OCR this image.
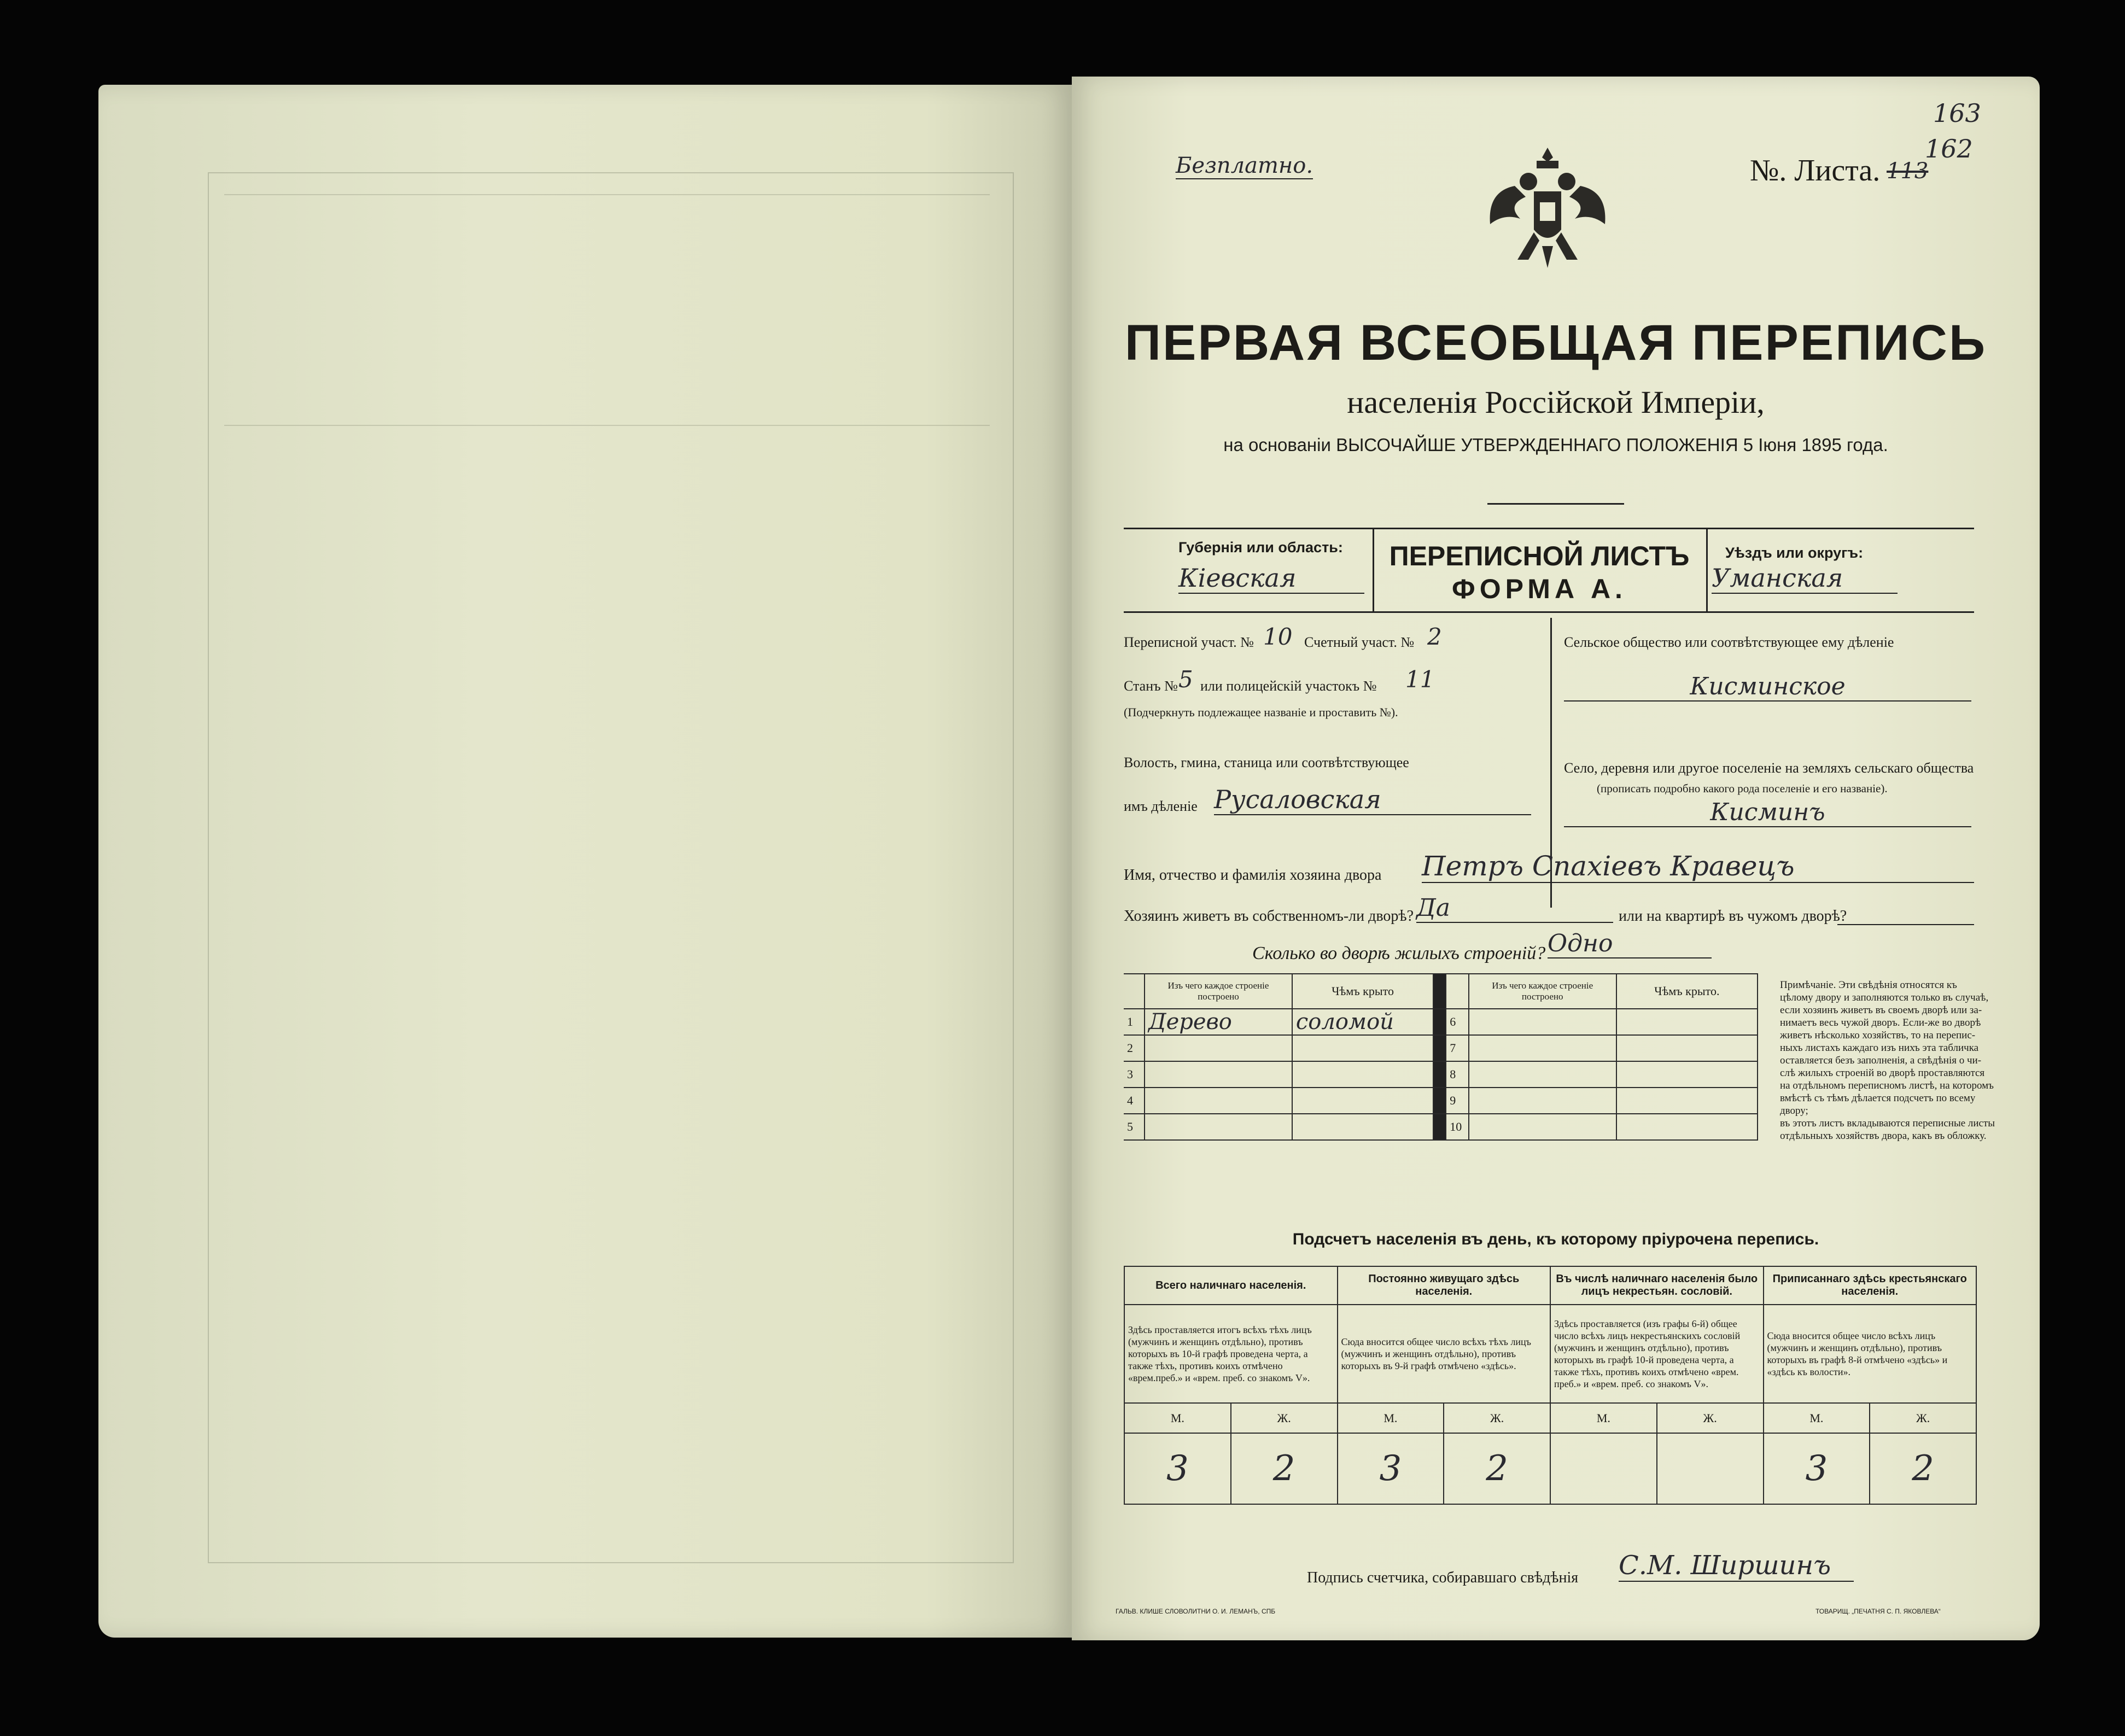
Безплатно.	№. Листа. 113
162
163
ПЕРВАЯ ВСЕОБЩАЯ ПЕРЕПИСЬ
населенія Россійской Имперіи,
на основаніи ВЫСОЧАЙШЕ УТВЕРЖДЕННАГО ПОЛОЖЕНІЯ 5 Іюня 1895 года.
Губернія или область:
Кіевская
ПЕРЕПИСНОЙ ЛИСТЪ
ФОРМА А.
Уѣздъ или округъ:
Уманская
Переписной участ. № 10 Счетный участ. № 2
Станъ № 5 или полицейскій участокъ № 11
(Подчеркнуть подлежащее названіе и проставить №).
Волость, гмина, станица или соотвѣтствующее
имъ дѣленіе Русаловская
Сельское общество или соотвѣтствующее ему дѣленіе
Кисминское
Село, деревня или другое поселеніе на земляхъ сельскаго общества
(прописать подробно какого рода поселеніе и его названіе).
Кисминъ
Имя, отчество и фамилія хозяина двора Петръ Спахіевъ Кравецъ
Хозяинъ живетъ въ собственномъ-ли дворѣ? Да	или на квартирѣ въ чужомъ дворѣ?
Сколько во дворѣ жилыхъ строеній? Одно
	Изъ чего каждое строеніе построено	Чѣмъ крыто			Изъ чего каждое строеніе построено	Чѣмъ крыто.
1	Дерево	соломой		6		
2				7		
3				8		
4				9		
5				10		
Примѣчаніе. Эти свѣдѣнія относятся къ
цѣлому двору и заполняются только въ случаѣ,
если хозяинъ живетъ въ своемъ дворѣ или за-
нимаетъ весь чужой дворъ. Если-же во дворѣ
живетъ нѣсколько хозяйствъ, то на перепис-
ныхъ листахъ каждаго изъ нихъ эта табличка
оставляется безъ заполненія, а свѣдѣнія о чи-
слѣ жилыхъ строеній во дворѣ проставляются
на отдѣльномъ переписномъ листѣ, на которомъ
вмѣстѣ съ тѣмъ дѣлается подсчетъ по всему двору;
въ этотъ листъ вкладываются переписные листы
отдѣльныхъ хозяйствъ двора, какъ въ обложку.
Подсчетъ населенія въ день, къ которому пріурочена перепись.
Всего наличнаго населенія.		Постоянно живущаго здѣсь населенія.		Въ числѣ наличнаго населенія было лицъ некрестьян. сословій.		Приписаннаго здѣсь крестьянскаго населенія.	
Здѣсь проставляется итогъ всѣхъ тѣхъ лицъ (мужчинъ и женщинъ отдѣльно), противъ которыхъ въ 10-й графѣ проведена черта, а также тѣхъ, противъ коихъ отмѣчено «врем.преб.» и «врем. преб. со знакомъ V».		Сюда вносится общее число всѣхъ тѣхъ лицъ (мужчинъ и женщинъ отдѣльно), противъ которыхъ въ 9-й графѣ отмѣчено «здѣсь».		Здѣсь проставляется (изъ графы 6-й) общее число всѣхъ лицъ некрестьянскихъ сословій (мужчинъ и женщинъ отдѣльно), противъ которыхъ въ графѣ 10-й проведена черта, а также тѣхъ, противъ коихъ отмѣчено «врем. преб.» и «врем. преб. со знакомъ V».		Сюда вносится общее число всѣхъ лицъ (мужчинъ и женщинъ отдѣльно), противъ которыхъ въ графѣ 8-й отмѣчено «здѣсь» и «здѣсь къ волости».	
М.	Ж.	М.	Ж.	М.	Ж.	М.	Ж.
3	2	3	2			3	2
Подпись счетчика, собиравшаго свѣдѣнія С.М. Ширшинъ
ГАЛЬВ. КЛИШЕ СЛОВОЛИТНИ О. И. ЛЕМАНЪ, СПБ	ТОВАРИЩ. „ПЕЧАТНЯ С. П. ЯКОВЛЕВА“
